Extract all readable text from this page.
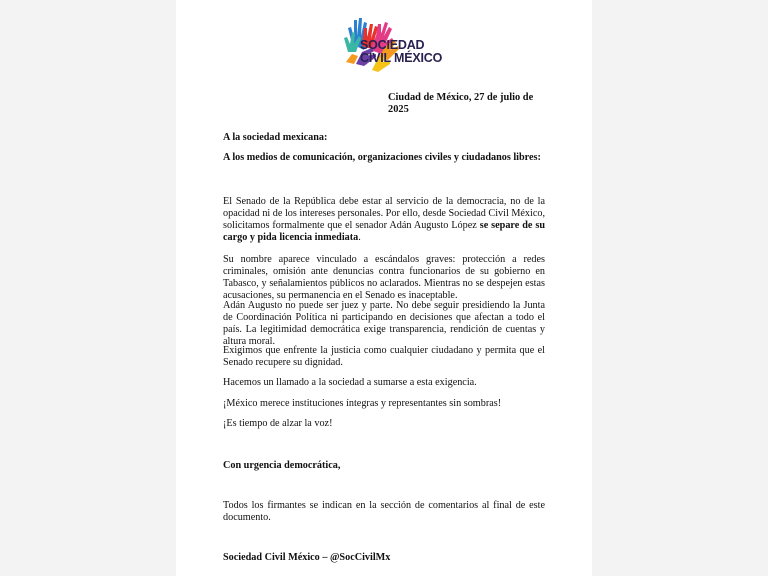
SOCIEDAD
CIVIL MÉXICO
Ciudad de México, 27 de julio de 2025
A la sociedad mexicana:
A los medios de comunicación, organizaciones civiles y ciudadanos libres:
El Senado de la República debe estar al servicio de la democracia, no de la opacidad ni de los intereses personales. Por ello, desde Sociedad Civil México, solicitamos formalmente que el senador Adán Augusto López se separe de su cargo y pida licencia inmediata.
Su nombre aparece vinculado a escándalos graves: protección a redes criminales, omisión ante denuncias contra funcionarios de su gobierno en Tabasco, y señalamientos públicos no aclarados. Mientras no se despejen estas acusaciones, su permanencia en el Senado es inaceptable.
Adán Augusto no puede ser juez y parte. No debe seguir presidiendo la Junta de Coordinación Política ni participando en decisiones que afectan a todo el país. La legitimidad democrática exige transparencia, rendición de cuentas y altura moral.
Exigimos que enfrente la justicia como cualquier ciudadano y permita que el Senado recupere su dignidad.
Hacemos un llamado a la sociedad a sumarse a esta exigencia.
¡México merece instituciones íntegras y representantes sin sombras!
¡Es tiempo de alzar la voz!
Con urgencia democrática,
Todos los firmantes se indican en la sección de comentarios al final de este documento.
Sociedad Civil México – @SocCivilMx
